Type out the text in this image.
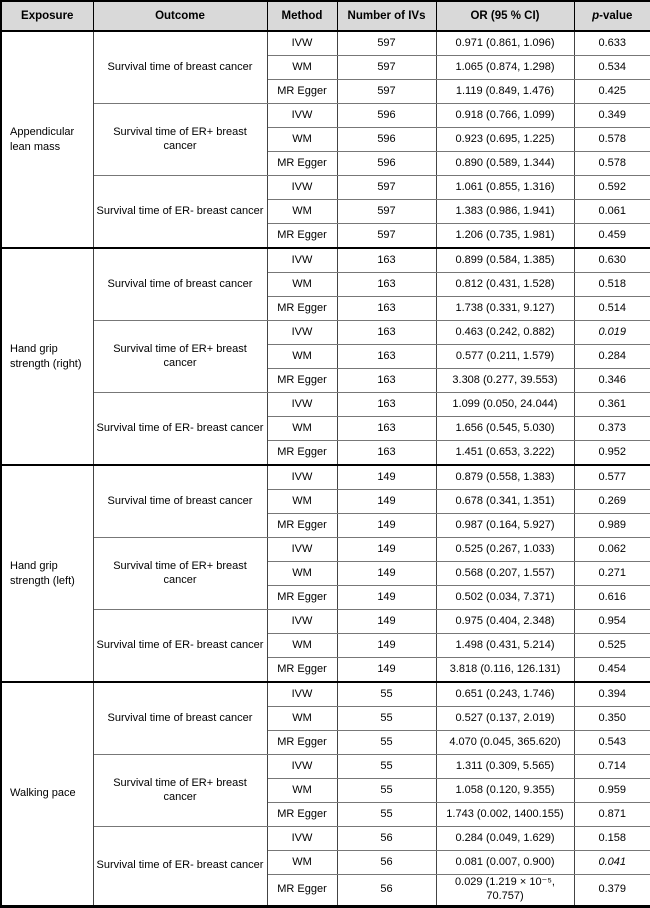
Exposure	Outcome	Method	Number of IVs	OR (95 % CI)	p-value
Appendicular lean mass	Survival time of breast cancer	IVW	597	0.971 (0.861, 1.096)	0.633
		WM	597	1.065 (0.874, 1.298)	0.534
		MR Egger	597	1.119 (0.849, 1.476)	0.425
	Survival time of ER+ breast cancer	IVW	596	0.918 (0.766, 1.099)	0.349
		WM	596	0.923 (0.695, 1.225)	0.578
		MR Egger	596	0.890 (0.589, 1.344)	0.578
	Survival time of ER- breast cancer	IVW	597	1.061 (0.855, 1.316)	0.592
		WM	597	1.383 (0.986, 1.941)	0.061
		MR Egger	597	1.206 (0.735, 1.981)	0.459
Hand grip strength (right)	Survival time of breast cancer	IVW	163	0.899 (0.584, 1.385)	0.630
		WM	163	0.812 (0.431, 1.528)	0.518
		MR Egger	163	1.738 (0.331, 9.127)	0.514
	Survival time of ER+ breast cancer	IVW	163	0.463 (0.242, 0.882)	0.019
		WM	163	0.577 (0.211, 1.579)	0.284
		MR Egger	163	3.308 (0.277, 39.553)	0.346
	Survival time of ER- breast cancer	IVW	163	1.099 (0.050, 24.044)	0.361
		WM	163	1.656 (0.545, 5.030)	0.373
		MR Egger	163	1.451 (0.653, 3.222)	0.952
Hand grip strength (left)	Survival time of breast cancer	IVW	149	0.879 (0.558, 1.383)	0.577
		WM	149	0.678 (0.341, 1.351)	0.269
		MR Egger	149	0.987 (0.164, 5.927)	0.989
	Survival time of ER+ breast cancer	IVW	149	0.525 (0.267, 1.033)	0.062
		WM	149	0.568 (0.207, 1.557)	0.271
		MR Egger	149	0.502 (0.034, 7.371)	0.616
	Survival time of ER- breast cancer	IVW	149	0.975 (0.404, 2.348)	0.954
		WM	149	1.498 (0.431, 5.214)	0.525
		MR Egger	149	3.818 (0.116, 126.131)	0.454
Walking pace	Survival time of breast cancer	IVW	55	0.651 (0.243, 1.746)	0.394
		WM	55	0.527 (0.137, 2.019)	0.350
		MR Egger	55	4.070 (0.045, 365.620)	0.543
	Survival time of ER+ breast cancer	IVW	55	1.311 (0.309, 5.565)	0.714
		WM	55	1.058 (0.120, 9.355)	0.959
		MR Egger	55	1.743 (0.002, 1400.155)	0.871
	Survival time of ER- breast cancer	IVW	56	0.284 (0.049, 1.629)	0.158
		WM	56	0.081 (0.007, 0.900)	0.041
		MR Egger	56	0.029 (1.219 × 10⁻⁵, 70.757)	0.379
